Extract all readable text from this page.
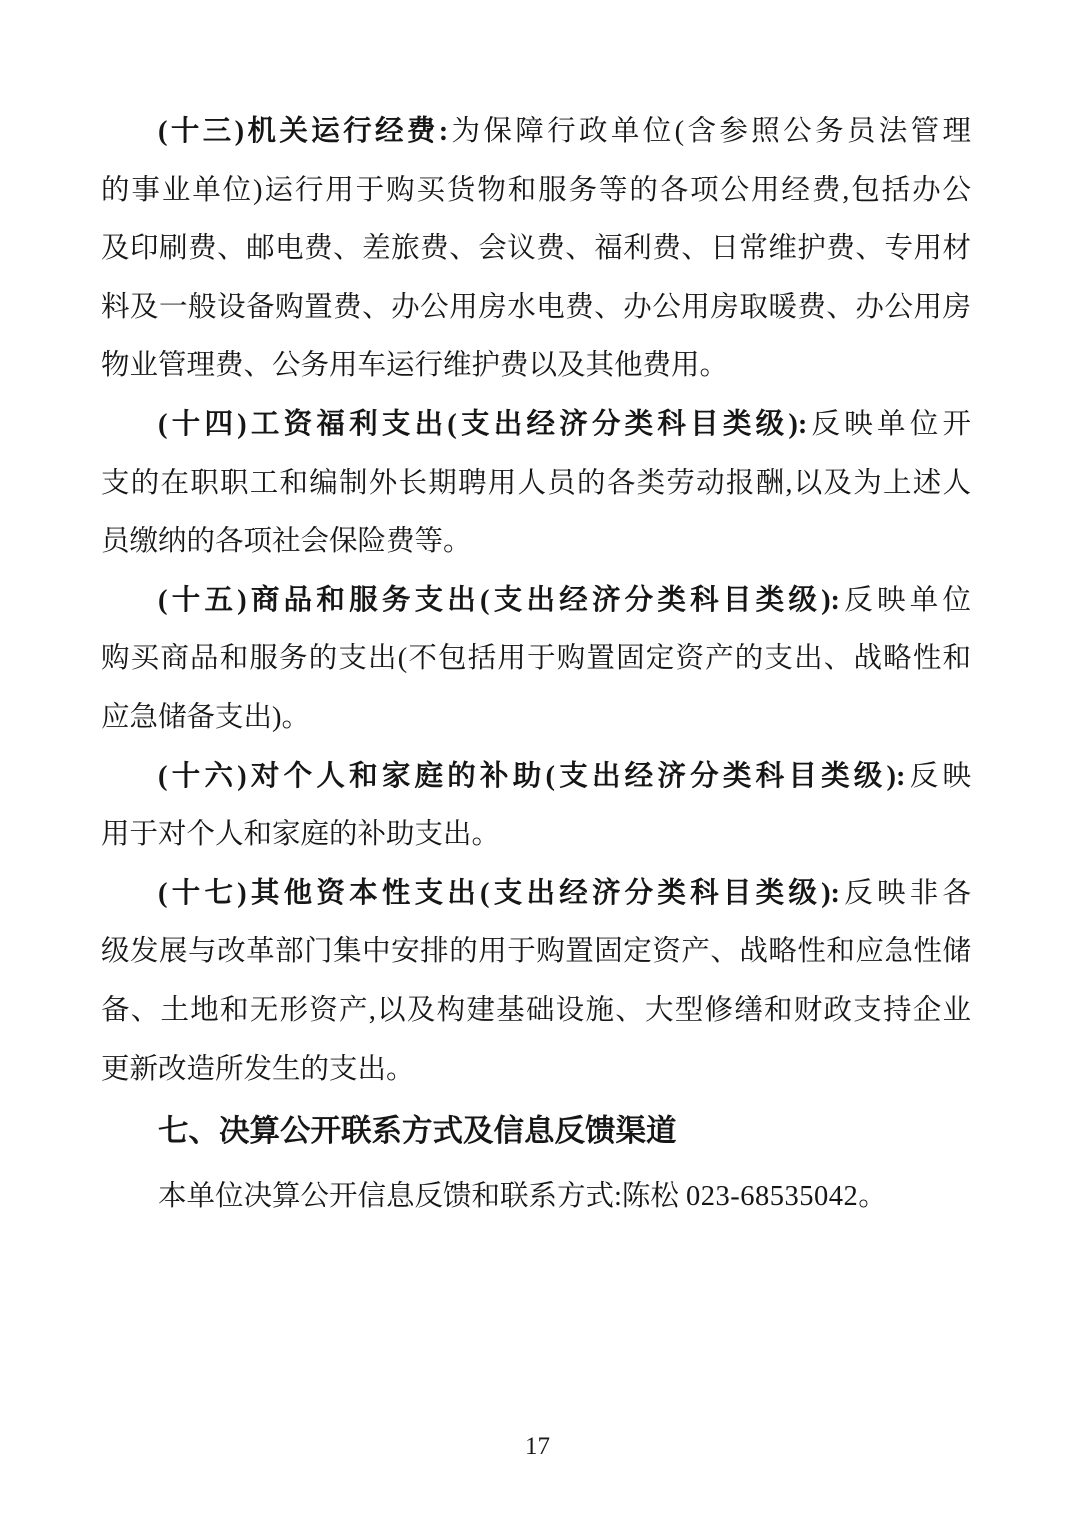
(十三)机关运行经费:为保障行政单位(含参照公务员法管理
的事业单位)运行用于购买货物和服务等的各项公用经费,包括办公
及印刷费、邮电费、差旅费、会议费、福利费、日常维护费、专用材
料及一般设备购置费、办公用房水电费、办公用房取暖费、办公用房
物业管理费、公务用车运行维护费以及其他费用。
(十四)工资福利支出(支出经济分类科目类级):反映单位开
支的在职职工和编制外长期聘用人员的各类劳动报酬,以及为上述人
员缴纳的各项社会保险费等。
(十五)商品和服务支出(支出经济分类科目类级):反映单位
购买商品和服务的支出(不包括用于购置固定资产的支出、战略性和
应急储备支出)。
(十六)对个人和家庭的补助(支出经济分类科目类级):反映
用于对个人和家庭的补助支出。
(十七)其他资本性支出(支出经济分类科目类级):反映非各
级发展与改革部门集中安排的用于购置固定资产、战略性和应急性储
备、土地和无形资产,以及构建基础设施、大型修缮和财政支持企业
更新改造所发生的支出。
七、决算公开联系方式及信息反馈渠道
本单位决算公开信息反馈和联系方式:陈松 023-68535042。
17
